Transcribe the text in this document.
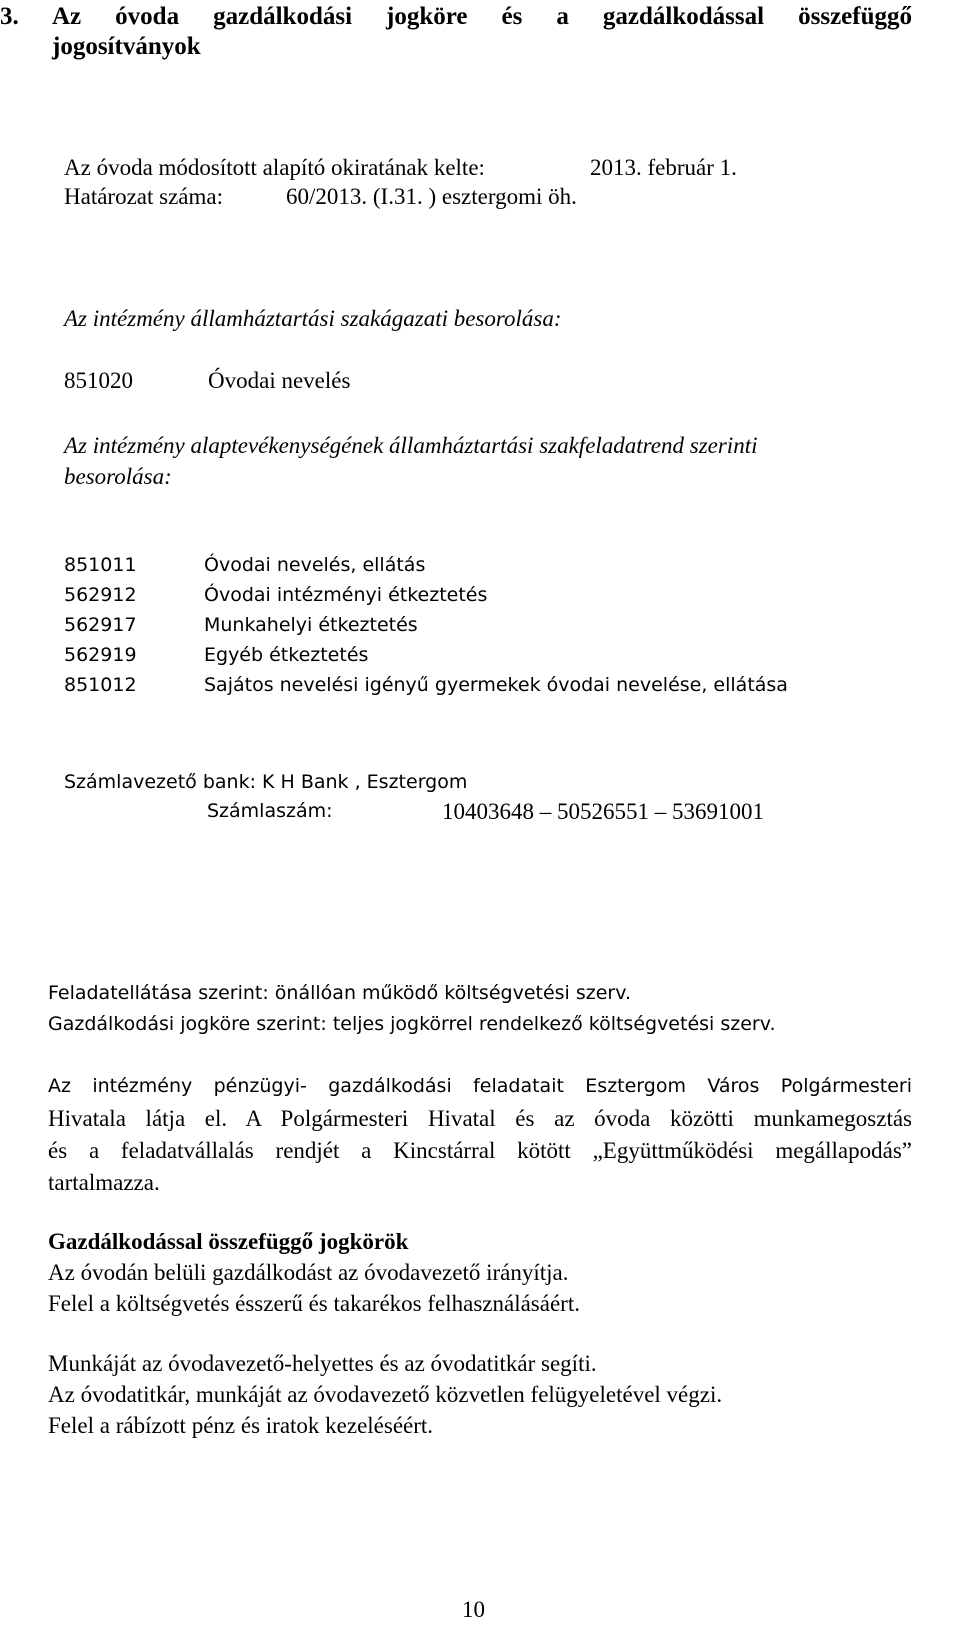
3. Az óvoda gazdálkodási jogköre és a gazdálkodással összefüggő
jogosítványok
Az óvoda módosított alapító okiratának kelte:	2013. február 1.
Határozat száma:	60/2013. (I.31. ) esztergomi öh.
Az intézmény államháztartási szakágazati besorolása:
851020	Óvodai nevelés
Az intézmény alaptevékenységének államháztartási szakfeladatrend szerinti
besorolása:
851011	Óvodai nevelés, ellátás
562912	Óvodai intézményi étkeztetés
562917	Munkahelyi étkeztetés
562919	Egyéb étkeztetés
851012	Sajátos nevelési igényű gyermekek óvodai nevelése, ellátása
Számlavezető bank: K H Bank , Esztergom
Számlaszám:	10403648 – 50526551 – 53691001
Feladatellátása szerint: önállóan működő költségvetési szerv.
Gazdálkodási jogköre szerint: teljes jogkörrel rendelkező költségvetési szerv.
Az intézmény pénzügyi- gazdálkodási feladatait Esztergom Város Polgármesteri
Hivatala látja el. A Polgármesteri Hivatal és az óvoda közötti munkamegosztás
és a feladatvállalás rendjét a Kincstárral kötött „Együttműködési megállapodás”
tartalmazza.
Gazdálkodással összefüggő jogkörök
Az óvodán belüli gazdálkodást az óvodavezető irányítja.
Felel a költségvetés ésszerű és takarékos felhasználásáért.
Munkáját az óvodavezető-helyettes és az óvodatitkár segíti.
Az óvodatitkár, munkáját az óvodavezető közvetlen felügyeletével végzi.
Felel a rábízott pénz és iratok kezeléséért.
10
